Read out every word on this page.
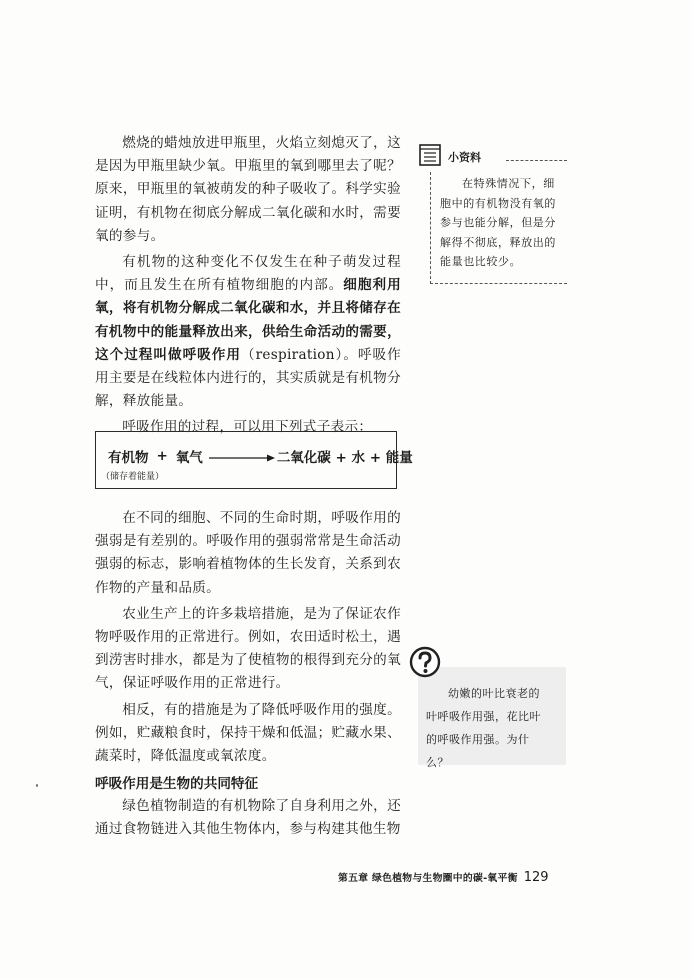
燃烧的蜡烛放进甲瓶里，火焰立刻熄灭了，这是因为甲瓶里缺少氧。甲瓶里的氧到哪里去了呢？原来，甲瓶里的氧被萌发的种子吸收了。科学实验证明，有机物在彻底分解成二氧化碳和水时，需要氧的参与。

有机物的这种变化不仅发生在种子萌发过程中，而且发生在所有植物细胞的内部。细胞利用氧，将有机物分解成二氧化碳和水，并且将储存在有机物中的能量释放出来，供给生命活动的需要，这个过程叫做呼吸作用（respiration）。呼吸作用主要是在线粒体内进行的，其实质就是有机物分解，释放能量。

呼吸作用的过程，可以用下列式子表示：

有机物 + 氧气	二氧化碳 + 水 + 能量
（储存着能量）

在不同的细胞、不同的生命时期，呼吸作用的强弱是有差别的。呼吸作用的强弱常常是生命活动强弱的标志，影响着植物体的生长发育，关系到农作物的产量和品质。

农业生产上的许多栽培措施，是为了保证农作物呼吸作用的正常进行。例如，农田适时松土，遇到涝害时排水，都是为了使植物的根得到充分的氧气，保证呼吸作用的正常进行。

相反，有的措施是为了降低呼吸作用的强度。例如，贮藏粮食时，保持干燥和低温；贮藏水果、蔬菜时，降低温度或氧浓度。

呼吸作用是生物的共同特征

绿色植物制造的有机物除了自身利用之外，还通过食物链进入其他生物体内，参与构建其他生物

小资料
在特殊情况下，细胞中的有机物没有氧的参与也能分解，但是分解得不彻底，释放出的能量也比较少。
幼嫩的叶比衰老的叶呼吸作用强，花比叶的呼吸作用强。为什么？
第五章 绿色植物与生物圈中的碳-氧平衡 129
